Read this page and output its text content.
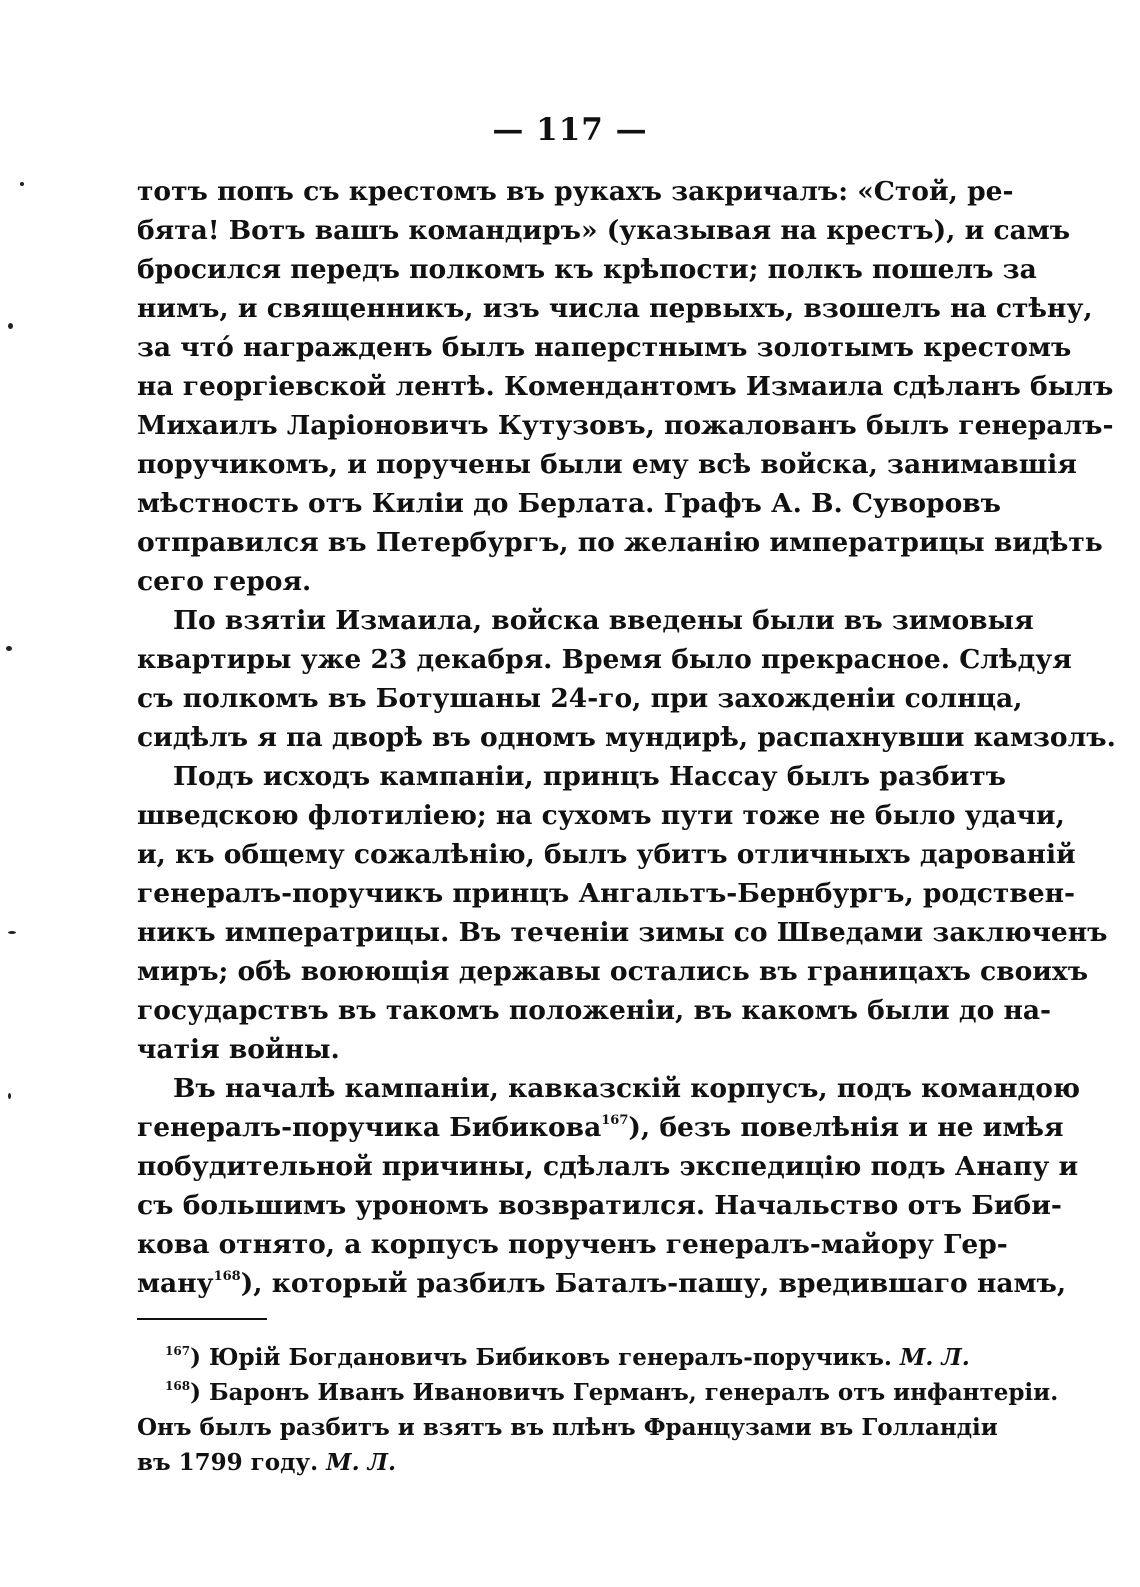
— 117 —
тотъ попъ съ крестомъ въ рукахъ закричалъ: «Стой, ре-
бята! Вотъ вашъ командиръ» (указывая на крестъ), и самъ
бросился передъ полкомъ къ крѣпости; полкъ пошелъ за
нимъ, и священникъ, изъ числа первыхъ, взошелъ на стѣну,
за что́ награжденъ былъ наперстнымъ золотымъ крестомъ
на георгіевской лентѣ. Комендантомъ Измаила сдѣланъ былъ
Михаилъ Ларіоновичъ Кутузовъ, пожалованъ былъ генералъ-
поручикомъ, и поручены были ему всѣ войска, занимавшія
мѣстность отъ Киліи до Берлата. Графъ А. В. Суворовъ
отправился въ Петербургъ, по желанію императрицы видѣть
сего героя.
По взятіи Измаила, войска введены были въ зимовыя
квартиры уже 23 декабря. Время было прекрасное. Слѣдуя
съ полкомъ въ Ботушаны 24-го, при захожденіи солнца,
сидѣлъ я па дворѣ въ одномъ мундирѣ, распахнувши камзолъ.
Подъ исходъ кампаніи, принцъ Нассау былъ разбитъ
шведскою флотиліею; на сухомъ пути тоже не было удачи,
и, къ общему сожалѣнію, былъ убитъ отличныхъ дарованій
генералъ-поручикъ принцъ Ангальтъ-Бернбургъ, родствен-
никъ императрицы. Въ теченіи зимы со Шведами заключенъ
миръ; обѣ воюющія державы остались въ границахъ своихъ
государствъ въ такомъ положеніи, въ какомъ были до на-
чатія войны.
Въ началѣ кампаніи, кавказскій корпусъ, подъ командою
генералъ-поручика Бибикова$^{167}$), безъ повелѣнія и не имѣя
побудительной причины, сдѣлалъ экспедицію подъ Анапу и
съ большимъ урономъ возвратился. Начальство отъ Биби-
кова отнято, а корпусъ порученъ генералъ-майору Гер-
ману$^{168}$), который разбилъ Баталъ-пашу, вредившаго намъ,
$^{167}$) Юрій Богдановичъ Бибиковъ генералъ-поручикъ. М. Л.
$^{168}$) Баронъ Иванъ Ивановичъ Германъ, генералъ отъ инфантеріи.
Онъ былъ разбитъ и взятъ въ плѣнъ Французами въ Голландіи
въ 1799 году. М. Л.
